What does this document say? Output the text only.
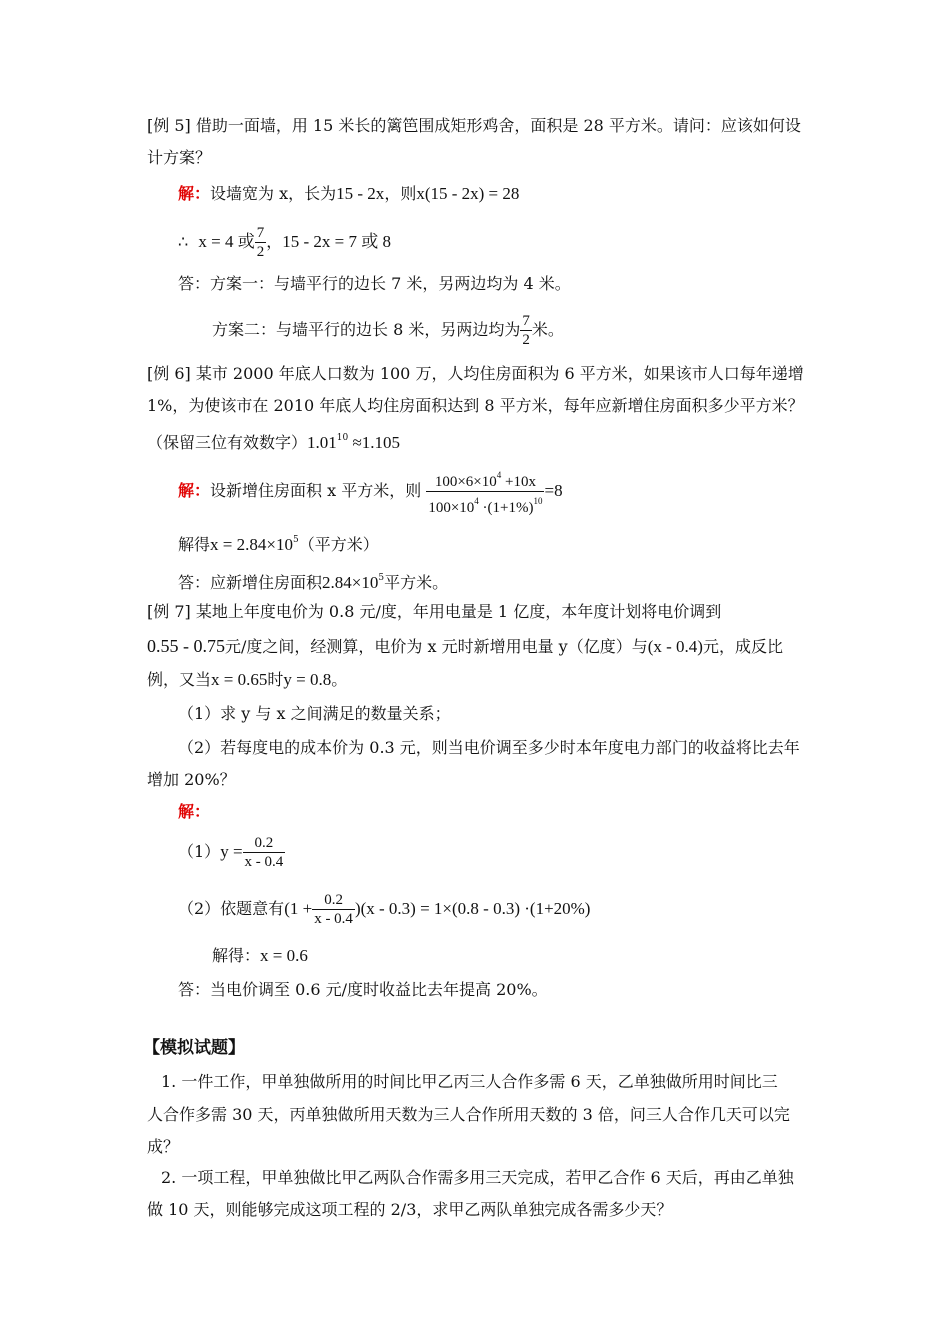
[例 5] 借助一面墙，用 15 米长的篱笆围成矩形鸡舍，面积是 28 平方米。请问：应该如何设
计方案？
解：设墙宽为 x，长为15 - 2x，则x(15 - 2x) = 28
∴ x = 4 或 $\frac{7}{2}$ ，15 - 2x = 7 或 8
答：方案一：与墙平行的边长 7 米，另两边均为 4 米。
方案二：与墙平行的边长 8 米，另两边均为 $\frac{7}{2}$ 米。
[例 6] 某市 2000 年底人口数为 100 万，人均住房面积为 6 平方米，如果该市人口每年递增
1%，为使该市在 2010 年底人均住房面积达到 8 平方米，每年应新增住房面积多少平方米？
（保留三位有效数字）$1.01^{10} \approx 1.105$
解：设新增住房面积 x 平方米，则 $\frac{100\times 6\times 10^4 +10x}{100\times 10^4 \cdot(1+1\%)^{10}} =8$
解得$x = 2.84\times 10^5$（平方米）
答：应新增住房面积$2.84\times 10^5$平方米。
[例 7] 某地上年度电价为 0.8 元/度，年用电量是 1 亿度，本年度计划将电价调到
0.55 - 0.75元/度之间，经测算，电价为 x 元时新增用电量 y（亿度）与(x - 0.4)元，成反比
例，又当x = 0.65时y = 0.8。
（1）求 y 与 x 之间满足的数量关系；
（2）若每度电的成本价为 0.3 元，则当电价调至多少时本年度电力部门的收益将比去年
增加 20%？
解：
$(1)y = \frac{0.2}{x - 0.4}$
（2）依题意有$(1 + \frac{0.2}{x - 0.4} )(x - 0.3) = 1\times(0.8 - 0.3) \cdot(1+20\%)$
解得：x = 0.6
答：当电价调至 0.6 元/度时收益比去年提高 20%。
【模拟试题】
1. 一件工作，甲单独做所用的时间比甲乙丙三人合作多需 6 天，乙单独做所用时间比三
人合作多需 30 天，丙单独做所用天数为三人合作所用天数的 3 倍，问三人合作几天可以完
成？
2. 一项工程，甲单独做比甲乙两队合作需多用三天完成，若甲乙合作 6 天后，再由乙单独
做 10 天，则能够完成这项工程的 2/3，求甲乙两队单独完成各需多少天？
